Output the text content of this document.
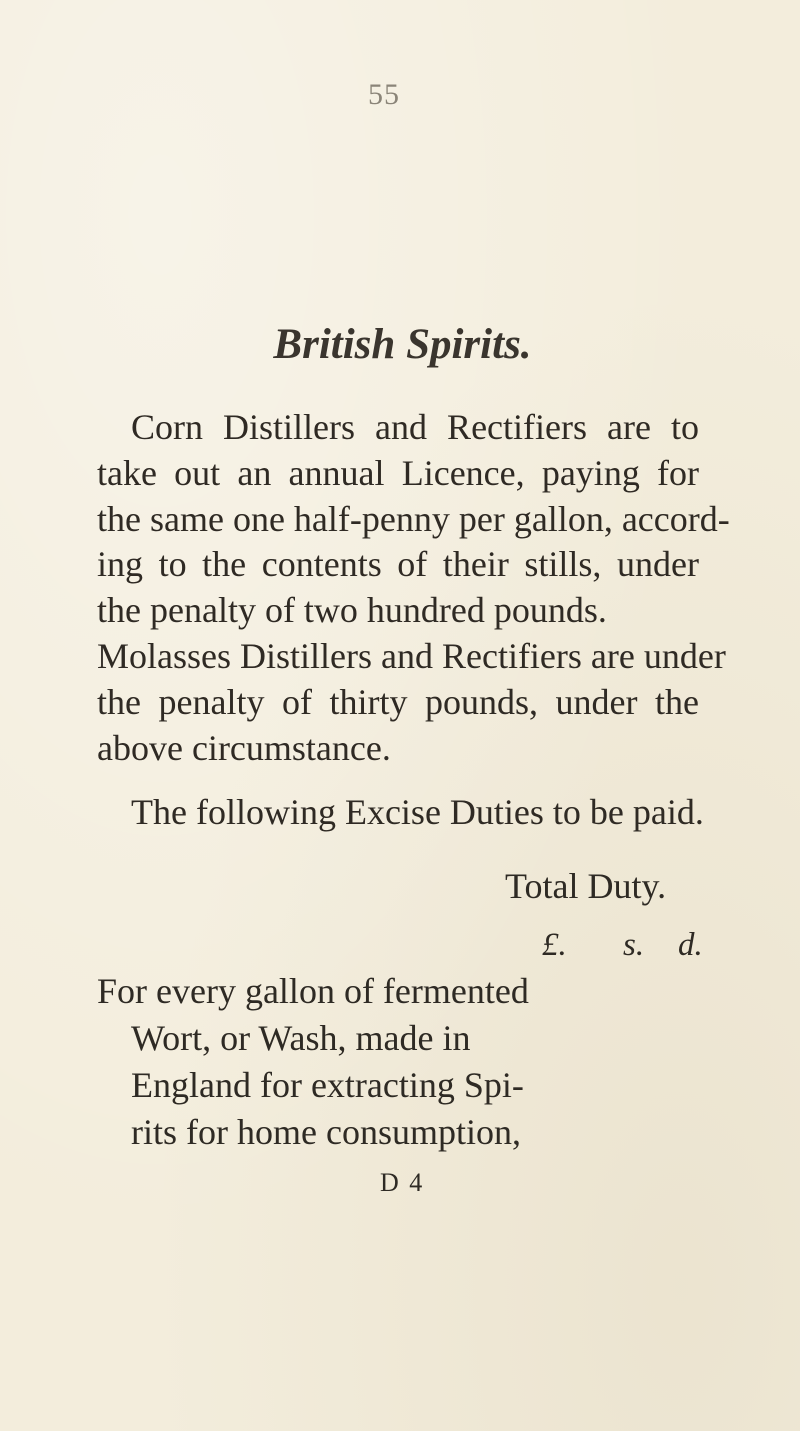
55
British Spirits.
Corn Distillers and Rectifiers are to
take out an annual Licence, paying for
the same one half-penny per gallon, accord-
ing to the contents of their stills, under
the penalty of two hundred pounds.
Molasses Distillers and Rectifiers are under
the penalty of thirty pounds, under the
above circumstance.
The following Excise Duties to be paid.
Total Duty.
£. s. d.
For every gallon of fermented
Wort, or Wash, made in
England for extracting Spi-
rits for home consumption,
D 4
